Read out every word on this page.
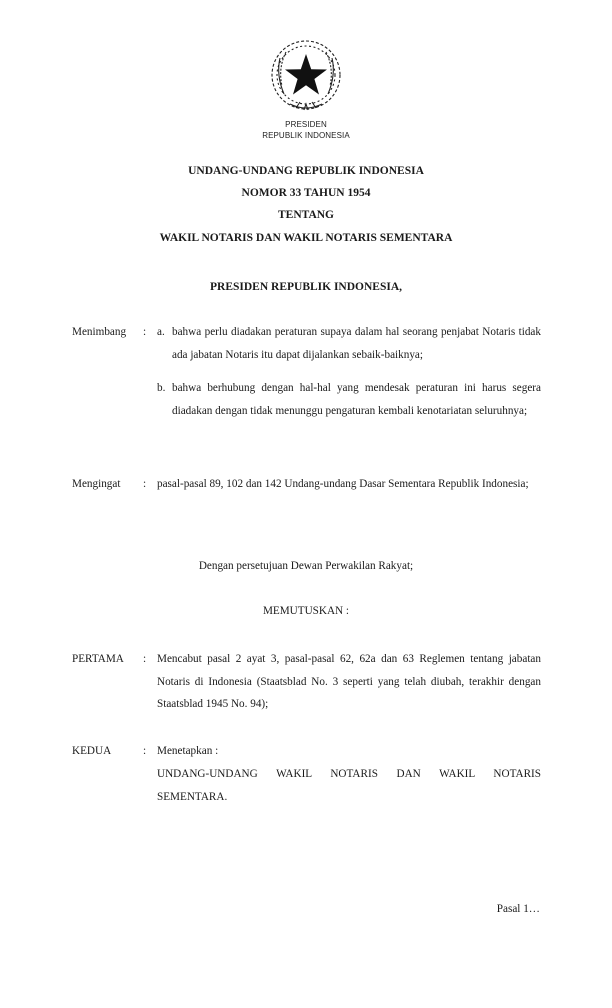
PRESIDEN
REPUBLIK INDONESIA
UNDANG-UNDANG REPUBLIK INDONESIA
NOMOR 33 TAHUN 1954
TENTANG
WAKIL NOTARIS DAN WAKIL NOTARIS SEMENTARA
PRESIDEN REPUBLIK INDONESIA,
Menimbang : a. bahwa perlu diadakan peraturan supaya dalam hal seorang penjabat Notaris tidak ada jabatan Notaris itu dapat dijalankan sebaik-baiknya;
b. bahwa berhubung dengan hal-hal yang mendesak peraturan ini harus segera diadakan dengan tidak menunggu pengaturan kembali kenotariatan seluruhnya;
Mengingat : pasal-pasal 89, 102 dan 142 Undang-undang Dasar Sementara Republik Indonesia;
Dengan persetujuan Dewan Perwakilan Rakyat;
MEMUTUSKAN :
PERTAMA : Mencabut pasal 2 ayat 3, pasal-pasal 62, 62a dan 63 Reglemen tentang jabatan Notaris di Indonesia (Staatsblad No. 3 seperti yang telah diubah, terakhir dengan Staatsblad 1945 No. 94);
KEDUA	: Menetapkan :
UNDANG-UNDANG WAKIL NOTARIS DAN WAKIL NOTARIS
SEMENTARA.
Pasal 1…
